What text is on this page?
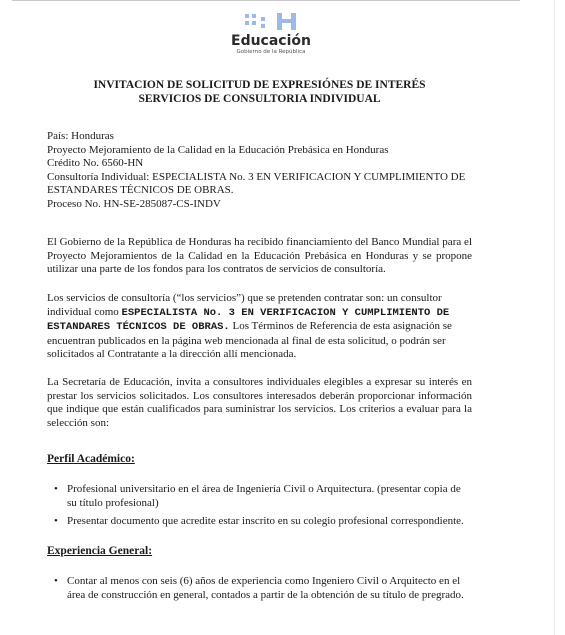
Educación
Gobierno de la República
INVITACION DE SOLICITUD DE EXPRESIÓNES DE INTERÉS
SERVICIOS DE CONSULTORIA INDIVIDUAL
País: Honduras
Proyecto Mejoramiento de la Calidad en la Educación Prebásica en Honduras
Crédito No. 6560-HN
Consultoría Individual: ESPECIALISTA No. 3 EN VERIFICACION Y CUMPLIMIENTO DE
ESTANDARES TÉCNICOS DE OBRAS.
Proceso No. HN-SE-285087-CS-INDV
El Gobierno de la República de Honduras ha recibido financiamiento del Banco Mundial para el Proyecto Mejoramientos de la Calidad en la Educación Prebásica en Honduras y se propone utilizar una parte de los fondos para los contratos de servicios de consultoría.
Los servicios de consultoría (“los servicios”) que se pretenden contratar son: un consultor
individual como ESPECIALISTA No. 3 EN VERIFICACION Y CUMPLIMIENTO DE
ESTANDARES TÉCNICOS DE OBRAS. Los Términos de Referencia de esta asignación se
encuentran publicados en la página web mencionada al final de esta solicitud, o podrán ser
solicitados al Contratante a la dirección allí mencionada.
La Secretaría de Educación, invita a consultores individuales elegibles a expresar su interés en prestar los servicios solicitados. Los consultores interesados deberán proporcionar información que indique que están cualificados para suministrar los servicios. Los criterios a evaluar para la selección son:
Perfil Académico:
• Profesional universitario en el área de Ingeniería Civil o Arquitectura. (presentar copia de su título profesional)
• Presentar documento que acredite estar inscrito en su colegio profesional correspondiente.
Experiencia General:
• Contar al menos con seis (6) años de experiencia como Ingeniero Civil o Arquitecto en el área de construcción en general, contados a partir de la obtención de su título de pregrado.
